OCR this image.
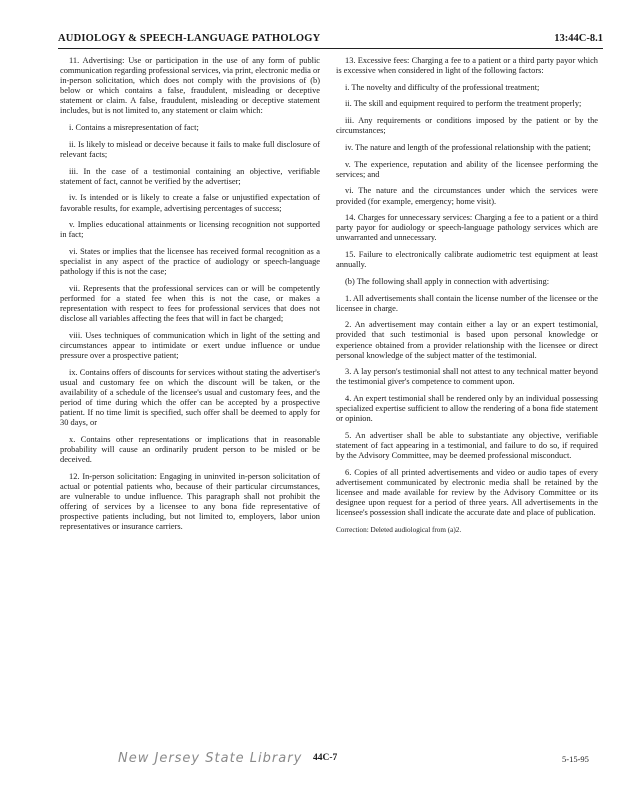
AUDIOLOGY & SPEECH-LANGUAGE PATHOLOGY	13:44C-8.1

11. Advertising: Use or participation in the use of any form of public communication regarding professional services, via print, electronic media or in-person solicitation, which does not comply with the provisions of (b) below or which contains a false, fraudulent, misleading or deceptive statement or claim. A false, fraudulent, misleading or deceptive statement includes, but is not limited to, any statement or claim which:

i. Contains a misrepresentation of fact;

ii. Is likely to mislead or deceive because it fails to make full disclosure of relevant facts;

iii. In the case of a testimonial containing an objective, verifiable statement of fact, cannot be verified by the advertiser;

iv. Is intended or is likely to create a false or unjustified expectation of favorable results, for example, advertising percentages of success;

v. Implies educational attainments or licensing recognition not supported in fact;

vi. States or implies that the licensee has received formal recognition as a specialist in any aspect of the practice of audiology or speech-language pathology if this is not the case;

vii. Represents that the professional services can or will be competently performed for a stated fee when this is not the case, or makes a representation with respect to fees for professional services that does not disclose all variables affecting the fees that will in fact be charged;

viii. Uses techniques of communication which in light of the setting and circumstances appear to intimidate or exert undue influence or undue pressure over a prospective patient;

ix. Contains offers of discounts for services without stating the advertiser's usual and customary fee on which the discount will be taken, or the availability of a schedule of the licensee's usual and customary fees, and the period of time during which the offer can be accepted by a prospective patient. If no time limit is specified, such offer shall be deemed to apply for 30 days, or

x. Contains other representations or implications that in reasonable probability will cause an ordinarily prudent person to be misled or be deceived.

12. In-person solicitation: Engaging in uninvited in-person solicitation of actual or potential patients who, because of their particular circumstances, are vulnerable to undue influence. This paragraph shall not prohibit the offering of services by a licensee to any bona fide representative of prospective patients including, but not limited to, employers, labor union representatives or insurance carriers.

13. Excessive fees: Charging a fee to a patient or a third party payor which is excessive when considered in light of the following factors:

i. The novelty and difficulty of the professional treatment;

ii. The skill and equipment required to perform the treatment properly;

iii. Any requirements or conditions imposed by the patient or by the circumstances;

iv. The nature and length of the professional relationship with the patient;

v. The experience, reputation and ability of the licensee performing the services; and

vi. The nature and the circumstances under which the services were provided (for example, emergency; home visit).

14. Charges for unnecessary services: Charging a fee to a patient or a third party payor for audiology or speech-language pathology services which are unwarranted and unnecessary.

15. Failure to electronically calibrate audiometric test equipment at least annually.

(b) The following shall apply in connection with advertising:

1. All advertisements shall contain the license number of the licensee or the licensee in charge.

2. An advertisement may contain either a lay or an expert testimonial, provided that such testimonial is based upon personal knowledge or experience obtained from a provider relationship with the licensee or direct personal knowledge of the subject matter of the testimonial.

3. A lay person's testimonial shall not attest to any technical matter beyond the testimonial giver's competence to comment upon.

4. An expert testimonial shall be rendered only by an individual possessing specialized expertise sufficient to allow the rendering of a bona fide statement or opinion.

5. An advertiser shall be able to substantiate any objective, verifiable statement of fact appearing in a testimonial, and failure to do so, if required by the Advisory Committee, may be deemed professional misconduct.

6. Copies of all printed advertisements and video or audio tapes of every advertisement communicated by electronic media shall be retained by the licensee and made available for review by the Advisory Committee or its designee upon request for a period of three years. All advertisements in the licensee's possession shall indicate the accurate date and place of publication.

Correction: Deleted audiological from (a)2.

New Jersey State Library 44C-7	5-15-95
